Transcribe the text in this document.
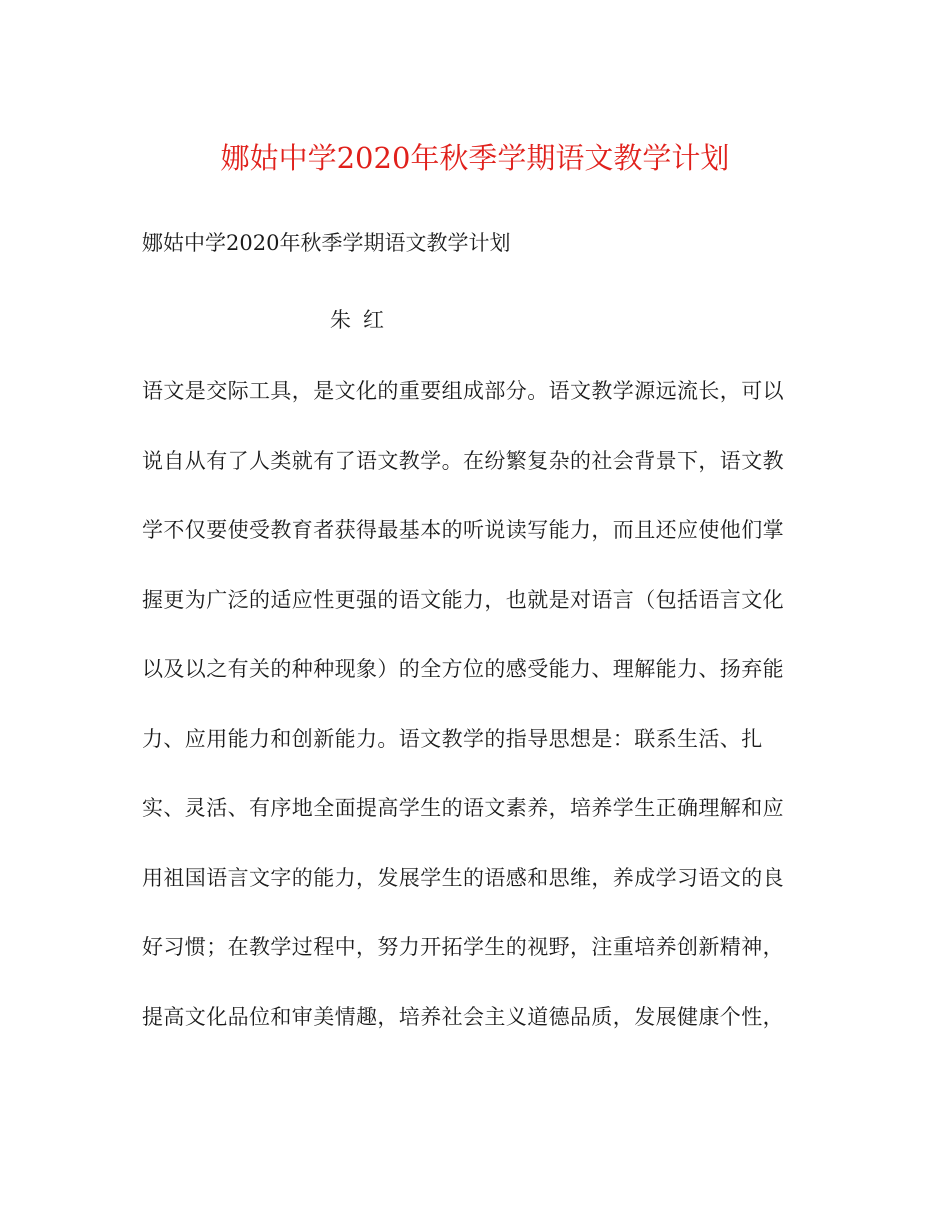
娜姑中学2020年秋季学期语文教学计划
娜姑中学2020年秋季学期语文教学计划
朱红
语文是交际工具，是文化的重要组成部分。语文教学源远流长，可以
说自从有了人类就有了语文教学。在纷繁复杂的社会背景下，语文教
学不仅要使受教育者获得最基本的听说读写能力，而且还应使他们掌
握更为广泛的适应性更强的语文能力，也就是对语言（包括语言文化
以及以之有关的种种现象）的全方位的感受能力、理解能力、扬弃能
力、应用能力和创新能力。语文教学的指导思想是：联系生活、扎
实、灵活、有序地全面提高学生的语文素养，培养学生正确理解和应
用祖国语言文字的能力，发展学生的语感和思维，养成学习语文的良
好习惯；在教学过程中，努力开拓学生的视野，注重培养创新精神，
提高文化品位和审美情趣，培养社会主义道德品质，发展健康个性，
